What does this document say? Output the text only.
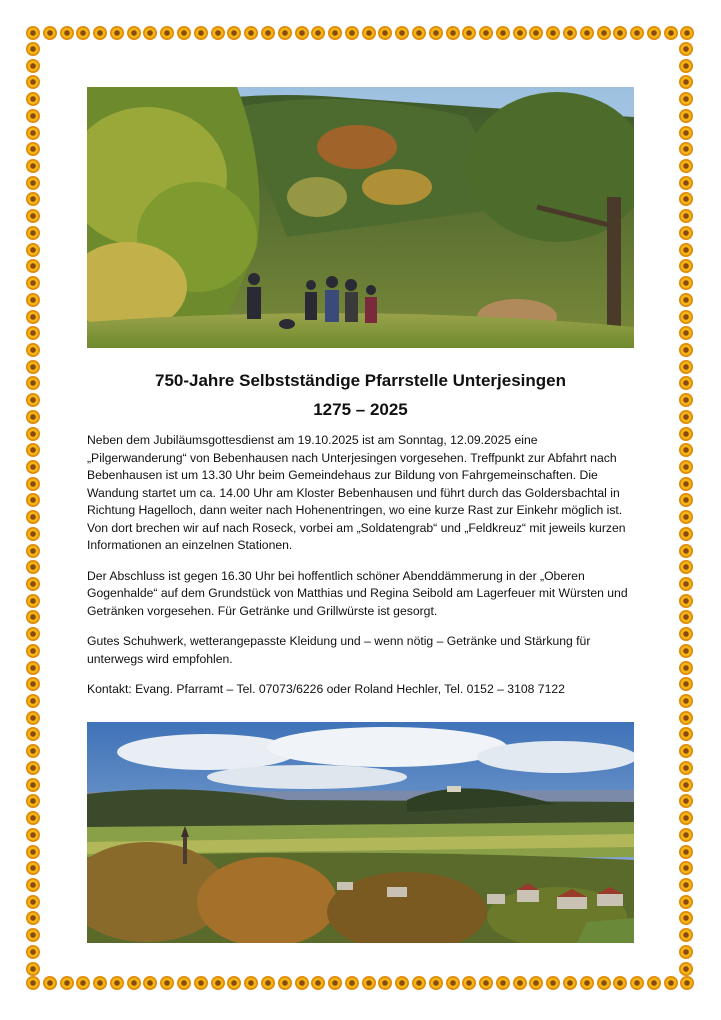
750-Jahre Selbstständige Pfarrstelle Unterjesingen
1275 – 2025

Neben dem Jubiläumsgottesdienst am 19.10.2025 ist am Sonntag, 12.09.2025 eine „Pilgerwanderung“ von Bebenhausen nach Unterjesingen vorgesehen. Treffpunkt zur Abfahrt nach Bebenhausen ist um 13.30 Uhr beim Gemeindehaus zur Bildung von Fahrgemeinschaften. Die Wandung startet um ca. 14.00 Uhr am Kloster Bebenhausen und führt durch das Goldersbachtal in Richtung Hagelloch, dann weiter nach Hohenentringen, wo eine kurze Rast zur Einkehr möglich ist. Von dort brechen wir auf nach Roseck, vorbei am „Soldatengrab“ und „Feldkreuz“ mit jeweils kurzen Informationen an einzelnen Stationen.

Der Abschluss ist gegen 16.30 Uhr bei hoffentlich schöner Abenddämmerung in der „Oberen Gogenhalde“ auf dem Grundstück von Matthias und Regina Seibold am Lagerfeuer mit Würsten und Getränken vorgesehen. Für Getränke und Grillwürste ist gesorgt.

Gutes Schuhwerk, wetterangepasste Kleidung und – wenn nötig – Getränke und Stärkung für unterwegs wird empfohlen.

Kontakt: Evang. Pfarramt – Tel. 07073/6226 oder Roland Hechler, Tel. 0152 – 3108 7122
